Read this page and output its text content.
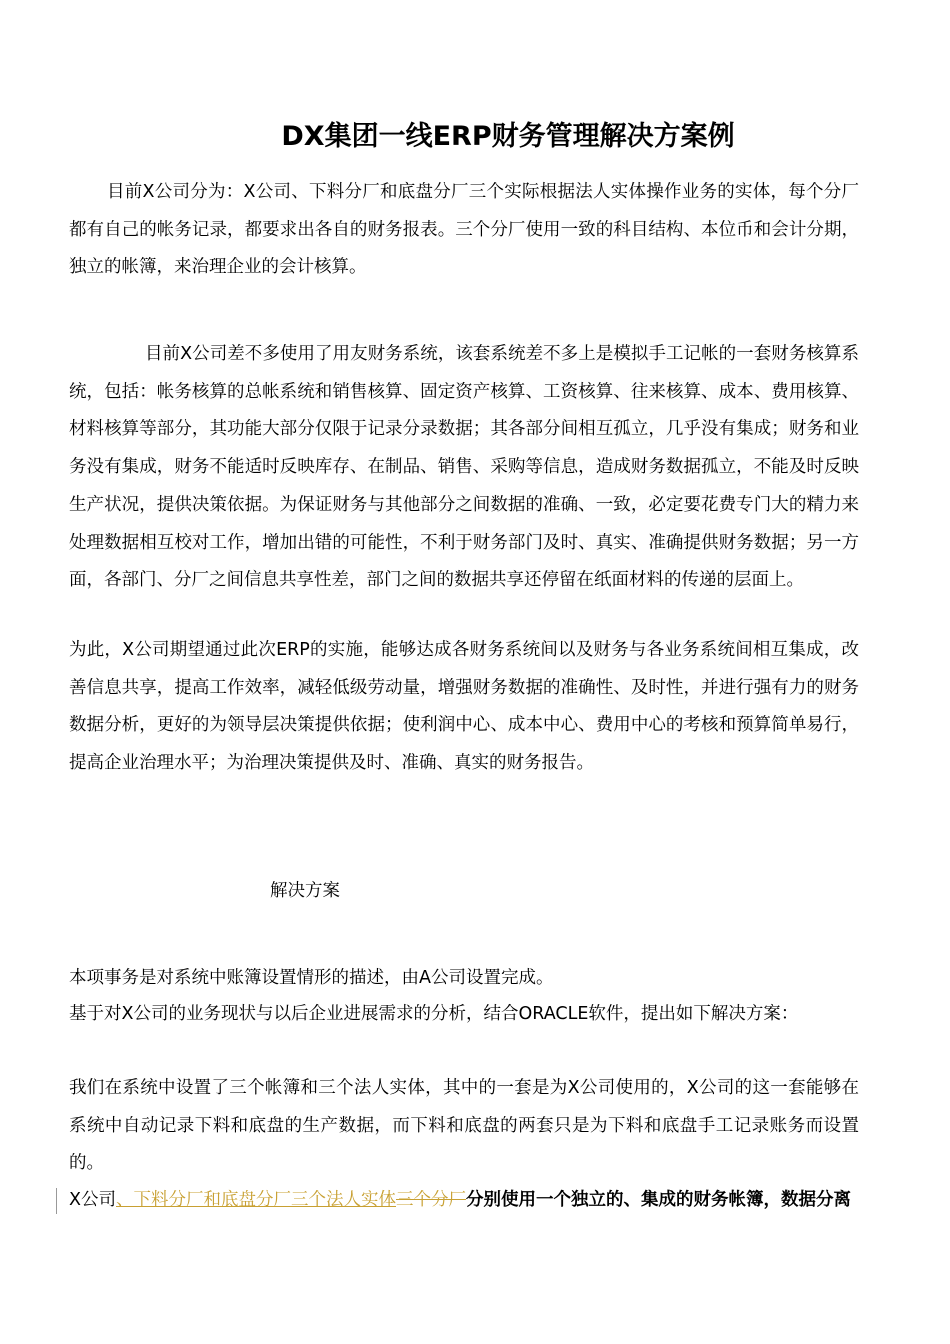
DX集团一线ERP财务管理解决方案例

目前X公司分为：X公司、下料分厂和底盘分厂三个实际根据法人实体操作业务的实体，每个分厂都有自己的帐务记录，都要求出各自的财务报表。三个分厂使用一致的科目结构、本位币和会计分期，独立的帐簿，来治理企业的会计核算。

目前X公司差不多使用了用友财务系统，该套系统差不多上是模拟手工记帐的一套财务核算系统，包括：帐务核算的总帐系统和销售核算、固定资产核算、工资核算、往来核算、成本、费用核算、材料核算等部分，其功能大部分仅限于记录分录数据；其各部分间相互孤立，几乎没有集成；财务和业务没有集成，财务不能适时反映库存、在制品、销售、采购等信息，造成财务数据孤立，不能及时反映生产状况，提供决策依据。为保证财务与其他部分之间数据的准确、一致，必定要花费专门大的精力来处理数据相互校对工作，增加出错的可能性，不利于财务部门及时、真实、准确提供财务数据；另一方面，各部门、分厂之间信息共享性差，部门之间的数据共享还停留在纸面材料的传递的层面上。

为此，X公司期望通过此次ERP的实施，能够达成各财务系统间以及财务与各业务系统间相互集成，改善信息共享，提高工作效率，减轻低级劳动量，增强财务数据的准确性、及时性，并进行强有力的财务数据分析，更好的为领导层决策提供依据；使利润中心、成本中心、费用中心的考核和预算简单易行，提高企业治理水平；为治理决策提供及时、准确、真实的财务报告。

解决方案

本项事务是对系统中账簿设置情形的描述，由A公司设置完成。

基于对X公司的业务现状与以后企业进展需求的分析，结合ORACLE软件，提出如下解决方案：

我们在系统中设置了三个帐簿和三个法人实体，其中的一套是为X公司使用的，X公司的这一套能够在系统中自动记录下料和底盘的生产数据，而下料和底盘的两套只是为下料和底盘手工记录账务而设置的。

X公司、下料分厂和底盘分厂三个法人实体三个分厂分别使用一个独立的、集成的财务帐簿，数据分离
